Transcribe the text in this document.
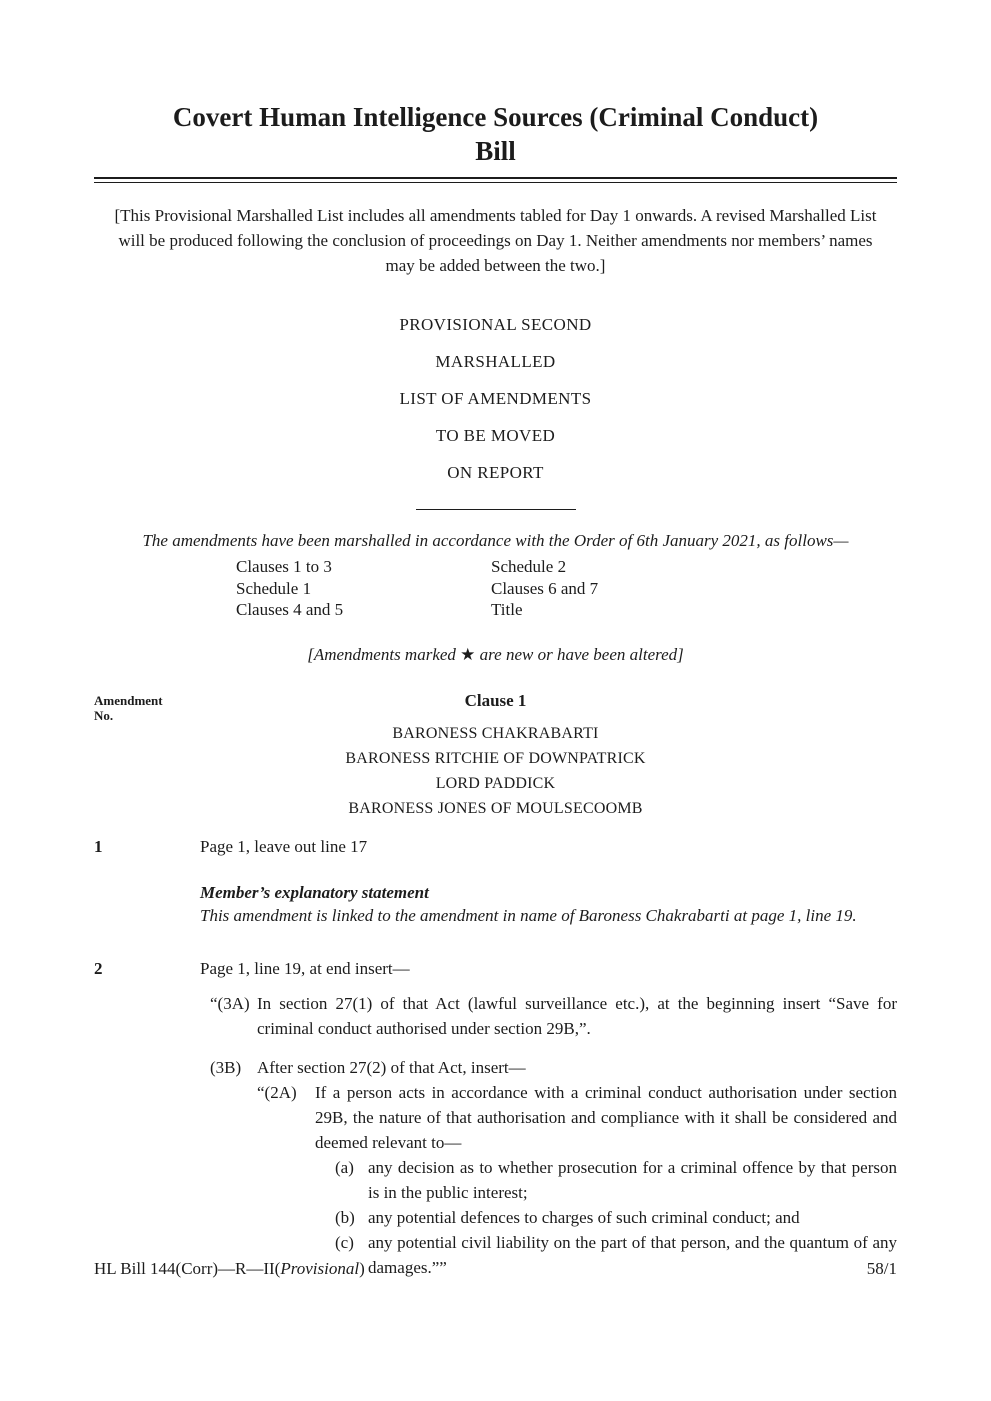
Covert Human Intelligence Sources (Criminal Conduct)
Bill
[This Provisional Marshalled List includes all amendments tabled for Day 1 onwards. A revised Marshalled List will be produced following the conclusion of proceedings on Day 1. Neither amendments nor members’ names may be added between the two.]
PROVISIONAL SECOND
MARSHALLED
LIST OF AMENDMENTS
TO BE MOVED
ON REPORT
The amendments have been marshalled in accordance with the Order of 6th January 2021, as follows—
Clauses 1 to 3	Schedule 2
Schedule 1	Clauses 6 and 7
Clauses 4 and 5	Title
[Amendments marked ★ are new or have been altered]
Amendment
No.
Clause 1
BARONESS CHAKRABARTI
BARONESS RITCHIE OF DOWNPATRICK
LORD PADDICK
BARONESS JONES OF MOULSECOOMB
1	Page 1, leave out line 17
Member’s explanatory statement
This amendment is linked to the amendment in name of Baroness Chakrabarti at page 1, line 19.
2	Page 1, line 19, at end insert—
“(3A) In section 27(1) of that Act (lawful surveillance etc.), at the beginning insert “Save for criminal conduct authorised under section 29B,”.
(3B) After section 27(2) of that Act, insert—
“(2A)	If a person acts in accordance with a criminal conduct authorisation under section 29B, the nature of that authorisation and compliance with it shall be considered and deemed relevant to—
(a) any decision as to whether prosecution for a criminal offence by that person is in the public interest;
(b) any potential defences to charges of such criminal conduct; and
(c) any potential civil liability on the part of that person, and the quantum of any damages.””
HL Bill 144(Corr)—R—II(Provisional)	58/1
